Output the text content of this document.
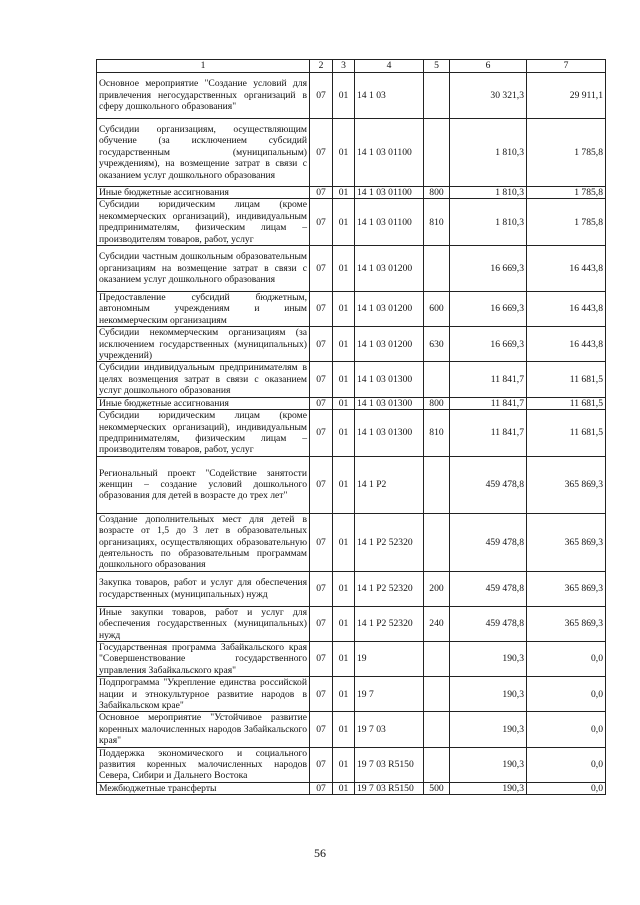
1	2	3	4	5	6	7
Основное мероприятие "Создание условий для привлечения негосударственных организаций в сферу дошкольного образования"	07	01	14 1 03		30 321,3	29 911,1
Субсидии организациям, осуществляющим обучение (за исключением субсидий государственным (муниципальным) учреждениям), на возмещение затрат в связи с оказанием услуг дошкольного образования	07	01	14 1 03 01100		1 810,3	1 785,8
Иные бюджетные ассигнования	07	01	14 1 03 01100	800	1 810,3	1 785,8
Субсидии юридическим лицам (кроме некоммерческих организаций), индивидуальным предпринимателям, физическим лицам – производителям товаров, работ, услуг	07	01	14 1 03 01100	810	1 810,3	1 785,8
Субсидии частным дошкольным образовательным организациям на возмещение затрат в связи с оказанием услуг дошкольного образования	07	01	14 1 03 01200		16 669,3	16 443,8
Предоставление субсидий бюджетным, автономным учреждениям и иным некоммерческим организациям	07	01	14 1 03 01200	600	16 669,3	16 443,8
Субсидии некоммерческим организациям (за исключением государственных (муниципальных) учреждений)	07	01	14 1 03 01200	630	16 669,3	16 443,8
Субсидии индивидуальным предпринимателям в целях возмещения затрат в связи с оказанием услуг дошкольного образования	07	01	14 1 03 01300		11 841,7	11 681,5
Иные бюджетные ассигнования	07	01	14 1 03 01300	800	11 841,7	11 681,5
Субсидии юридическим лицам (кроме некоммерческих организаций), индивидуальным предпринимателям, физическим лицам – производителям товаров, работ, услуг	07	01	14 1 03 01300	810	11 841,7	11 681,5
Региональный проект "Содействие занятости женщин – создание условий дошкольного образования для детей в возрасте до трех лет"	07	01	14 1 P2		459 478,8	365 869,3
Создание дополнительных мест для детей в возрасте от 1,5 до 3 лет в образовательных организациях, осуществляющих образовательную деятельность по образовательным программам дошкольного образования	07	01	14 1 P2 52320		459 478,8	365 869,3
Закупка товаров, работ и услуг для обеспечения государственных (муниципальных) нужд	07	01	14 1 P2 52320	200	459 478,8	365 869,3
Иные закупки товаров, работ и услуг для обеспечения государственных (муниципальных) нужд	07	01	14 1 P2 52320	240	459 478,8	365 869,3
Государственная программа Забайкальского края "Совершенствование государственного управления Забайкальского края"	07	01	19		190,3	0,0
Подпрограмма "Укрепление единства российской нации и этнокультурное развитие народов в Забайкальском крае"	07	01	19 7		190,3	0,0
Основное мероприятие "Устойчивое развитие коренных малочисленных народов Забайкальского края"	07	01	19 7 03		190,3	0,0
Поддержка экономического и социального развития коренных малочисленных народов Севера, Сибири и Дальнего Востока	07	01	19 7 03 R5150		190,3	0,0
Межбюджетные трансферты	07	01	19 7 03 R5150	500	190,3	0,0
56
